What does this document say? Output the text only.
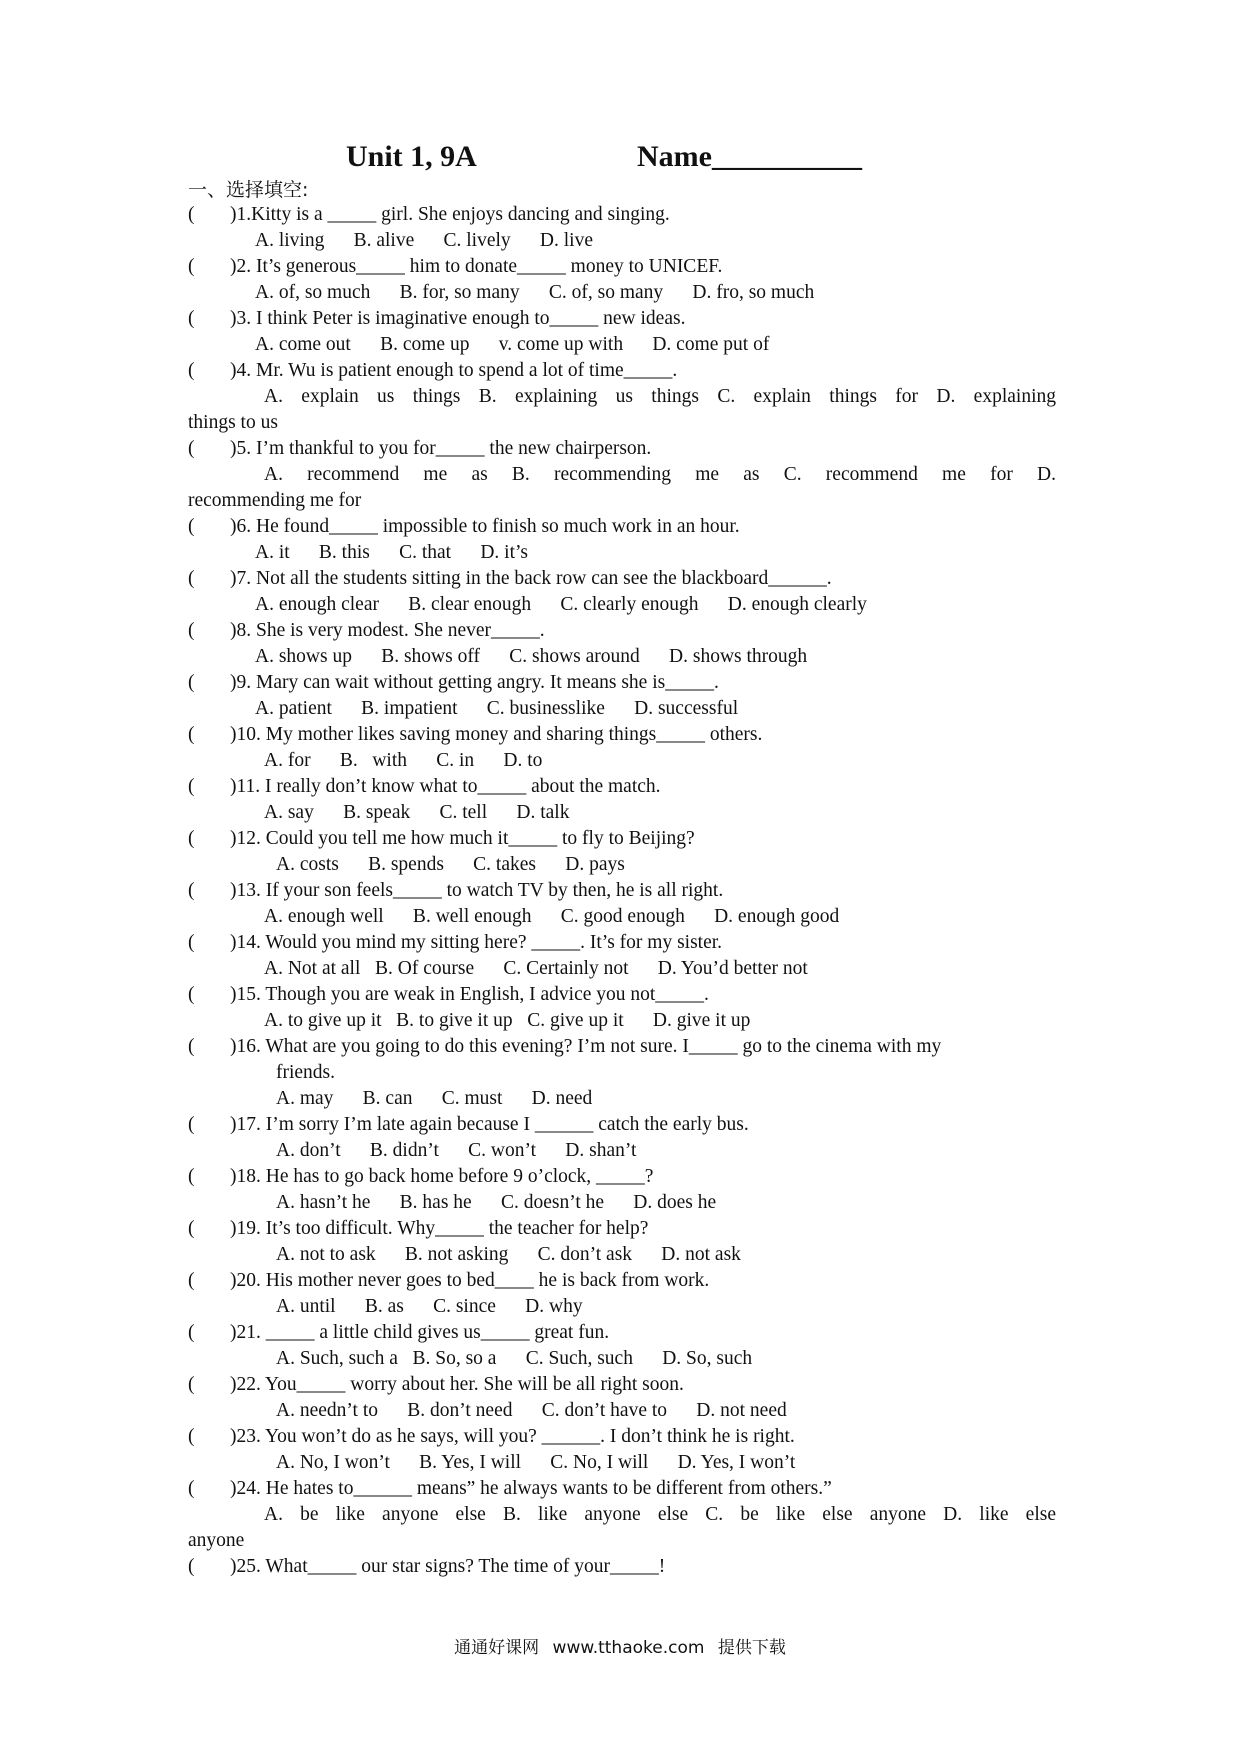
Unit 1, 9A	Name__________
一、选择填空:
( )1.Kitty is a _____ girl. She enjoys dancing and singing.
A. living      B. alive      C. lively      D. live
( )2. It’s generous_____ him to donate_____ money to UNICEF.
A. of, so much      B. for, so many      C. of, so many      D. fro, so much
( )3. I think Peter is imaginative enough to_____ new ideas.
A. come out      B. come up      v. come up with      D. come put of
( )4. Mr. Wu is patient enough to spend a lot of time_____.
A. explain us things B. explaining us things C. explain things for D. explaining
things to us
( )5. I’m thankful to you for_____ the new chairperson.
A. recommend me as B. recommending me as C. recommend me for D.
recommending me for
( )6. He found_____ impossible to finish so much work in an hour.
A. it      B. this      C. that      D. it’s
( )7. Not all the students sitting in the back row can see the blackboard______.
A. enough clear      B. clear enough      C. clearly enough      D. enough clearly
( )8. She is very modest. She never_____.
A. shows up      B. shows off      C. shows around      D. shows through
( )9. Mary can wait without getting angry. It means she is_____.
A. patient      B. impatient      C. businesslike      D. successful
( )10. My mother likes saving money and sharing things_____ others.
A. for      B.   with      C. in      D. to
( )11. I really don’t know what to_____ about the match.
A. say      B. speak      C. tell      D. talk
( )12. Could you tell me how much it_____ to fly to Beijing?
A. costs      B. spends      C. takes      D. pays
( )13. If your son feels_____ to watch TV by then, he is all right.
A. enough well      B. well enough      C. good enough      D. enough good
( )14. Would you mind my sitting here? _____. It’s for my sister.
A. Not at all   B. Of course      C. Certainly not      D. You’d better not
( )15. Though you are weak in English, I advice you not_____.
A. to give up it   B. to give it up   C. give up it      D. give it up
( )16. What are you going to do this evening? I’m not sure. I_____ go to the cinema with my
friends.
A. may      B. can      C. must      D. need
( )17. I’m sorry I’m late again because I ______ catch the early bus.
A. don’t      B. didn’t      C. won’t      D. shan’t
( )18. He has to go back home before 9 o’clock, _____?
A. hasn’t he      B. has he      C. doesn’t he      D. does he
( )19. It’s too difficult. Why_____ the teacher for help?
A. not to ask      B. not asking      C. don’t ask      D. not ask
( )20. His mother never goes to bed____ he is back from work.
A. until      B. as      C. since      D. why
( )21. _____ a little child gives us_____ great fun.
A. Such, such a   B. So, so a      C. Such, such      D. So, such
( )22. You_____ worry about her. She will be all right soon.
A. needn’t to      B. don’t need      C. don’t have to      D. not need
( )23. You won’t do as he says, will you? ______. I don’t think he is right.
A. No, I won’t      B. Yes, I will      C. No, I will      D. Yes, I won’t
( )24. He hates to______ means” he always wants to be different from others.”
A. be like anyone else B. like anyone else C. be like else anyone D. like else
anyone
( )25. What_____ our star signs? The time of your_____!
通通好课网 www.tthaoke.com 提供下载
